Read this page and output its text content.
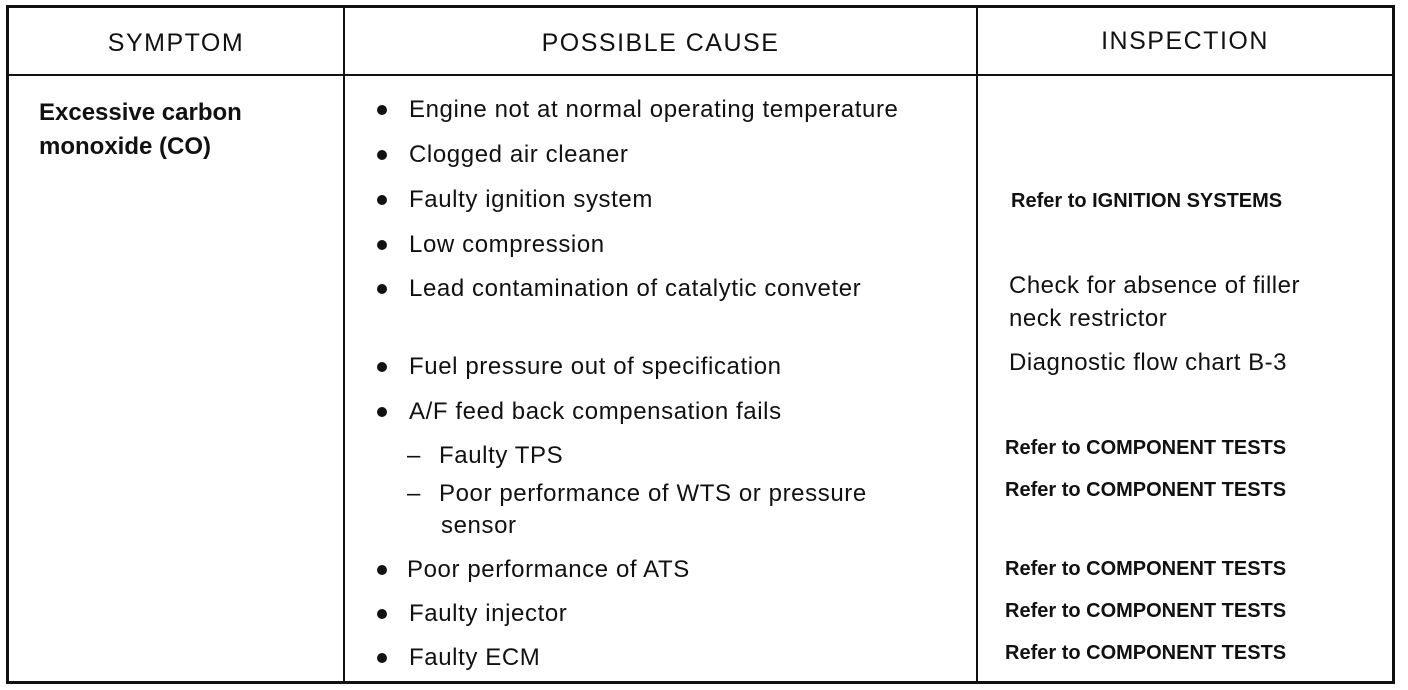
SYMPTOM	POSSIBLE CAUSE	INSPECTION
Excessive carbon
monoxide (CO)
Engine not at normal operating temperature
Clogged air cleaner
Faulty ignition system
Low compression
Lead contamination of catalytic conveter
Fuel pressure out of specification
A/F feed back compensation fails
– Faulty TPS
– Poor performance of WTS or pressure
sensor
Poor performance of ATS
Faulty injector
Faulty ECM
Refer to IGNITION SYSTEMS
Check for absence of filler
neck restrictor
Diagnostic flow chart B-3
Refer to COMPONENT TESTS
Refer to COMPONENT TESTS
Refer to COMPONENT TESTS
Refer to COMPONENT TESTS
Refer to COMPONENT TESTS
